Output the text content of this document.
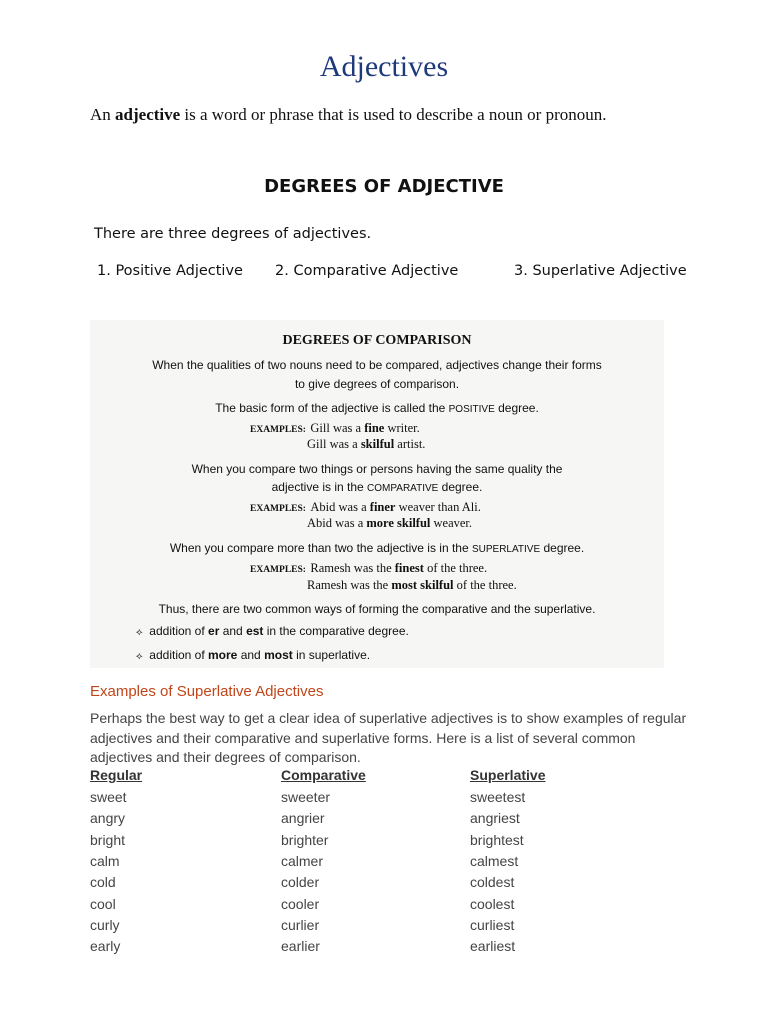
Adjectives
An adjective is a word or phrase that is used to describe a noun or pronoun.
DEGREES OF ADJECTIVE
There are three degrees of adjectives.
1. Positive Adjective 2. Comparative Adjective	3. Superlative Adjective
DEGREES OF COMPARISON
When the qualities of two nouns need to be compared, adjectives change their forms
to give degrees of comparison.
The basic form of the adjective is called the POSITIVE degree.
EXAMPLES: Gill was a fine writer.
Gill was a skilful artist.
When you compare two things or persons having the same quality the
adjective is in the COMPARATIVE degree.
EXAMPLES: Abid was a finer weaver than Ali.
Abid was a more skilful weaver.
When you compare more than two the adjective is in the SUPERLATIVE degree.
EXAMPLES: Ramesh was the finest of the three.
Ramesh was the most skilful of the three.
Thus, there are two common ways of forming the comparative and the superlative.
⟡ addition of er and est in the comparative degree.
⟡ addition of more and most in superlative.
Examples of Superlative Adjectives
Perhaps the best way to get a clear idea of superlative adjectives is to show examples of regular adjectives and their comparative and superlative forms. Here is a list of several common adjectives and their degrees of comparison.
Regular	Comparative	Superlative
sweet	sweeter	sweetest
angry	angrier	angriest
bright	brighter	brightest
calm	calmer	calmest
cold	colder	coldest
cool	cooler	coolest
curly	curlier	curliest
early	earlier	earliest
